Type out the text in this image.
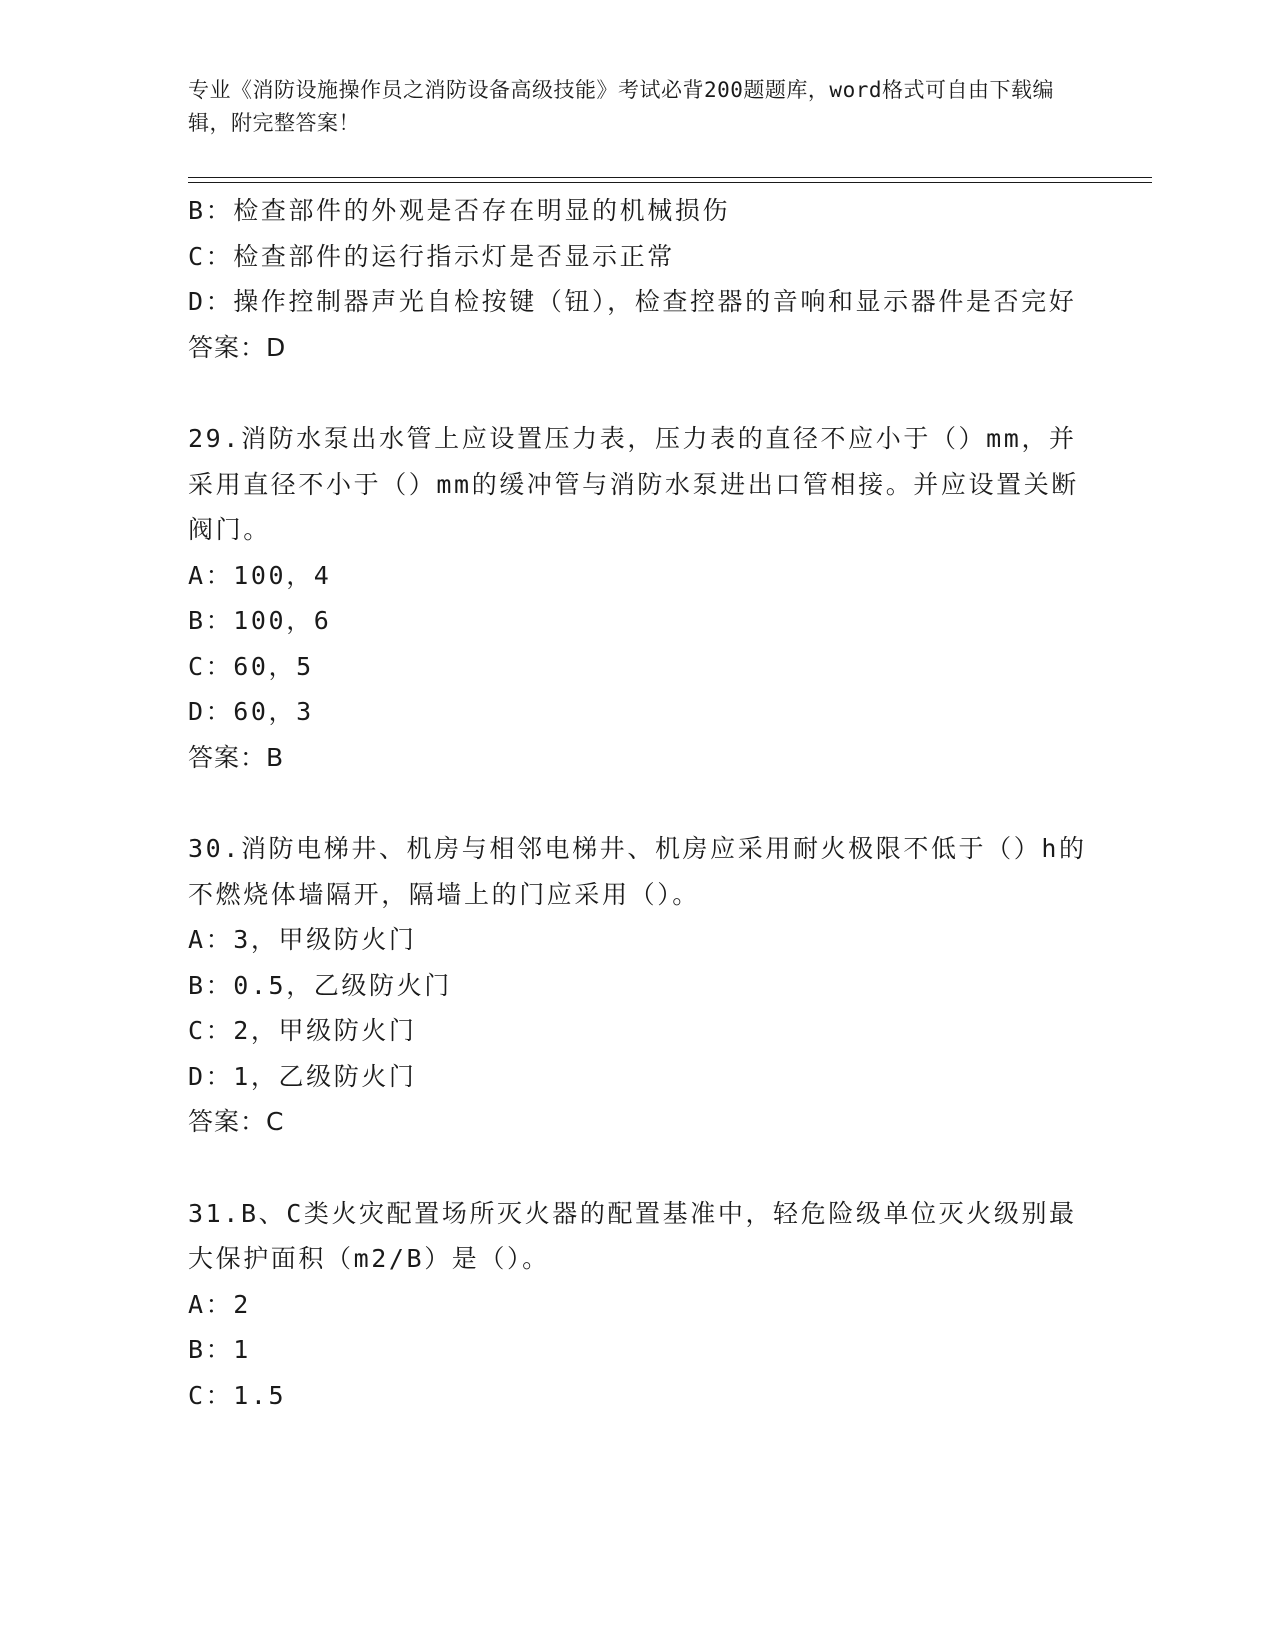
专业《消防设施操作员之消防设备高级技能》考试必背200题题库，word格式可自由下载编辑，附完整答案！
B：检查部件的外观是否存在明显的机械损伤
C：检查部件的运行指示灯是否显示正常
D：操作控制器声光自检按键（钮），检查控器的音响和显示器件是否完好
答案：D
29.消防水泵出水管上应设置压力表，压力表的直径不应小于（）mm，并采用直径不小于（）mm的缓冲管与消防水泵进出口管相接。并应设置关断阀门。
A：100，4
B：100，6
C：60，5
D：60，3
答案：B
30.消防电梯井、机房与相邻电梯井、机房应采用耐火极限不低于（）h的不燃烧体墙隔开，隔墙上的门应采用（）。
A：3，甲级防火门
B：0.5，乙级防火门
C：2，甲级防火门
D：1，乙级防火门
答案：C
31.B、C类火灾配置场所灭火器的配置基准中，轻危险级单位灭火级别最大保护面积（m2/B）是（）。
A：2
B：1
C：1.5
